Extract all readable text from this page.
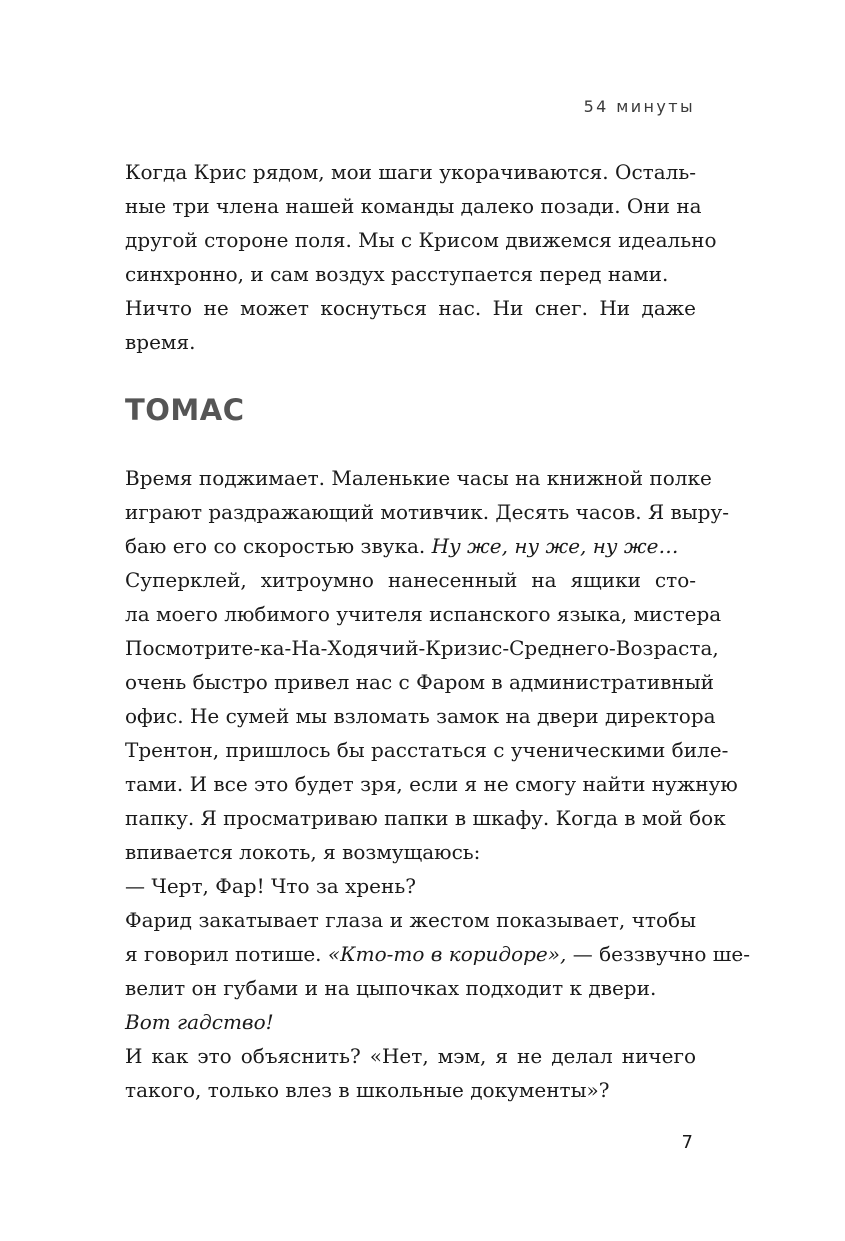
54 минуты
Когда Крис рядом, мои шаги укорачиваются. Осталь-
ные три члена нашей команды далеко позади. Они на
другой стороне поля. Мы с Крисом движемся идеально
синхронно, и сам воздух расступается перед нами.
Ничто не может коснуться нас. Ни снег. Ни даже
время.
ТОМАС
Время поджимает. Маленькие часы на книжной полке
играют раздражающий мотивчик. Десять часов. Я выру-
баю его со скоростью звука. Ну же, ну же, ну же…
Суперклей, хитроумно нанесенный на ящики сто-
ла моего любимого учителя испанского языка, мистера
Посмотрите-ка-На-Ходячий-Кризис-Среднего-Возраста,
очень быстро привел нас с Фаром в административный
офис. Не сумей мы взломать замок на двери директора
Трентон, пришлось бы расстаться с ученическими биле-
тами. И все это будет зря, если я не смогу найти нужную
папку. Я просматриваю папки в шкафу. Когда в мой бок
впивается локоть, я возмущаюсь:
— Черт, Фар! Что за хрень?
Фарид закатывает глаза и жестом показывает, чтобы
я говорил потише. «Кто-то в коридоре», — беззвучно ше-
велит он губами и на цыпочках подходит к двери.
Вот гадство!
И как это объяснить? «Нет, мэм, я не делал ничего
такого, только влез в школьные документы»?
7
